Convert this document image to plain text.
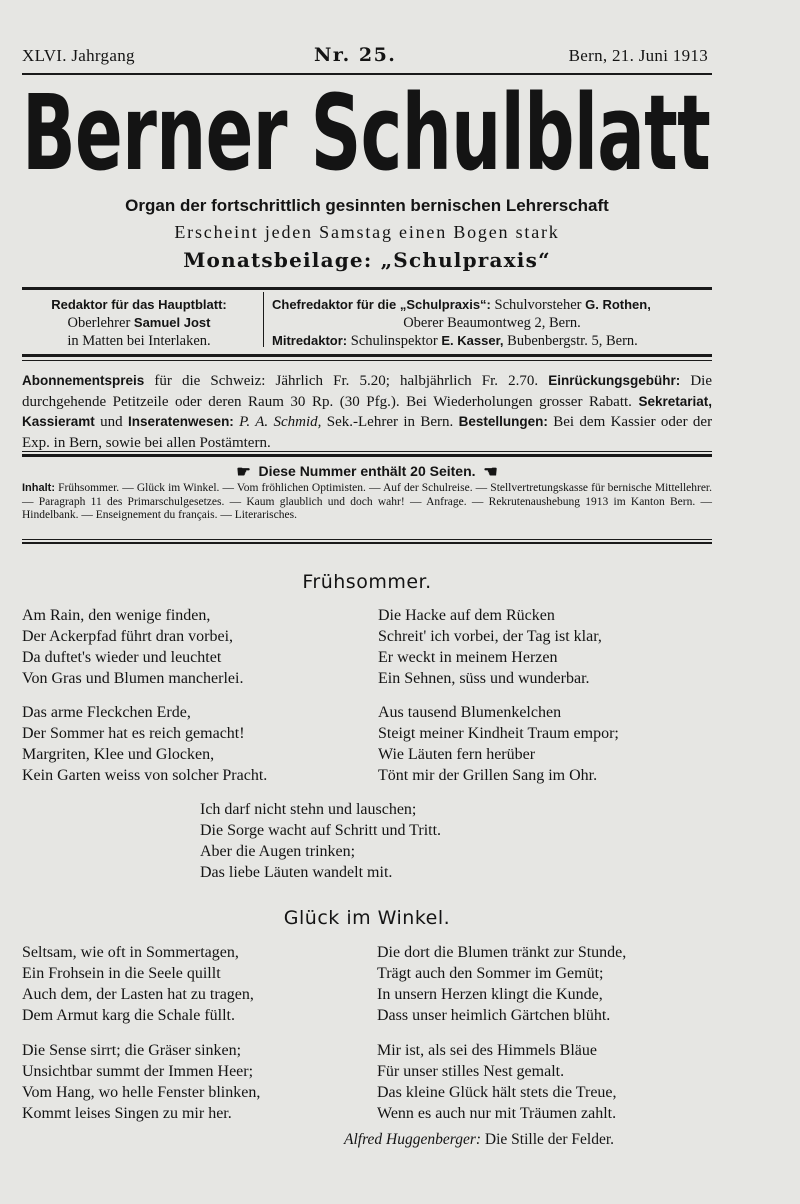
XLVI. Jahrgang	Nr. 25.	Bern, 21. Juni 1913
Berner Schulblatt
Organ der fortschrittlich gesinnten bernischen Lehrerschaft
Erscheint jeden Samstag einen Bogen stark
Monatsbeilage: „Schulpraxis“
Redaktor für das Hauptblatt:
Oberlehrer Samuel Jost
in Matten bei Interlaken.
Chefredaktor für die „Schulpraxis“: Schulvorsteher G. Rothen,
Oberer Beaumontweg 2, Bern.
Mitredaktor: Schulinspektor E. Kasser, Bubenbergstr. 5, Bern.
Abonnementspreis für die Schweiz: Jährlich Fr. 5.20; halbjährlich Fr. 2.70. Einrückungsgebühr: Die durchgehende Petitzeile oder deren Raum 30 Rp. (30 Pfg.). Bei Wiederholungen grosser Rabatt. Sekretariat, Kassieramt und Inseratenwesen: P. A. Schmid, Sek.-Lehrer in Bern. Bestellungen: Bei dem Kassier oder der Exp. in Bern, sowie bei allen Postämtern.
☛ Diese Nummer enthält 20 Seiten. ☚
Inhalt: Frühsommer. — Glück im Winkel. — Vom fröhlichen Optimisten. — Auf der Schulreise. — Stellvertretungskasse für bernische Mittellehrer. — Paragraph 11 des Primarschulgesetzes. — Kaum glaublich und doch wahr! — Anfrage. — Rekrutenaushebung 1913 im Kanton Bern. — Hindelbank. — Enseignement du français. — Literarisches.
Frühsommer.
Am Rain, den wenige finden,
Der Ackerpfad führt dran vorbei,
Da duftet's wieder und leuchtet
Von Gras und Blumen mancherlei.
Die Hacke auf dem Rücken
Schreit' ich vorbei, der Tag ist klar,
Er weckt in meinem Herzen
Ein Sehnen, süss und wunderbar.
Das arme Fleckchen Erde,
Der Sommer hat es reich gemacht!
Margriten, Klee und Glocken,
Kein Garten weiss von solcher Pracht.
Aus tausend Blumenkelchen
Steigt meiner Kindheit Traum empor;
Wie Läuten fern herüber
Tönt mir der Grillen Sang im Ohr.
Ich darf nicht stehn und lauschen;
Die Sorge wacht auf Schritt und Tritt.
Aber die Augen trinken;
Das liebe Läuten wandelt mit.
Glück im Winkel.
Seltsam, wie oft in Sommertagen,
Ein Frohsein in die Seele quillt
Auch dem, der Lasten hat zu tragen,
Dem Armut karg die Schale füllt.
Die dort die Blumen tränkt zur Stunde,
Trägt auch den Sommer im Gemüt;
In unsern Herzen klingt die Kunde,
Dass unser heimlich Gärtchen blüht.
Die Sense sirrt; die Gräser sinken;
Unsichtbar summt der Immen Heer;
Vom Hang, wo helle Fenster blinken,
Kommt leises Singen zu mir her.
Mir ist, als sei des Himmels Bläue
Für unser stilles Nest gemalt.
Das kleine Glück hält stets die Treue,
Wenn es auch nur mit Träumen zahlt.
Alfred Huggenberger: Die Stille der Felder.
